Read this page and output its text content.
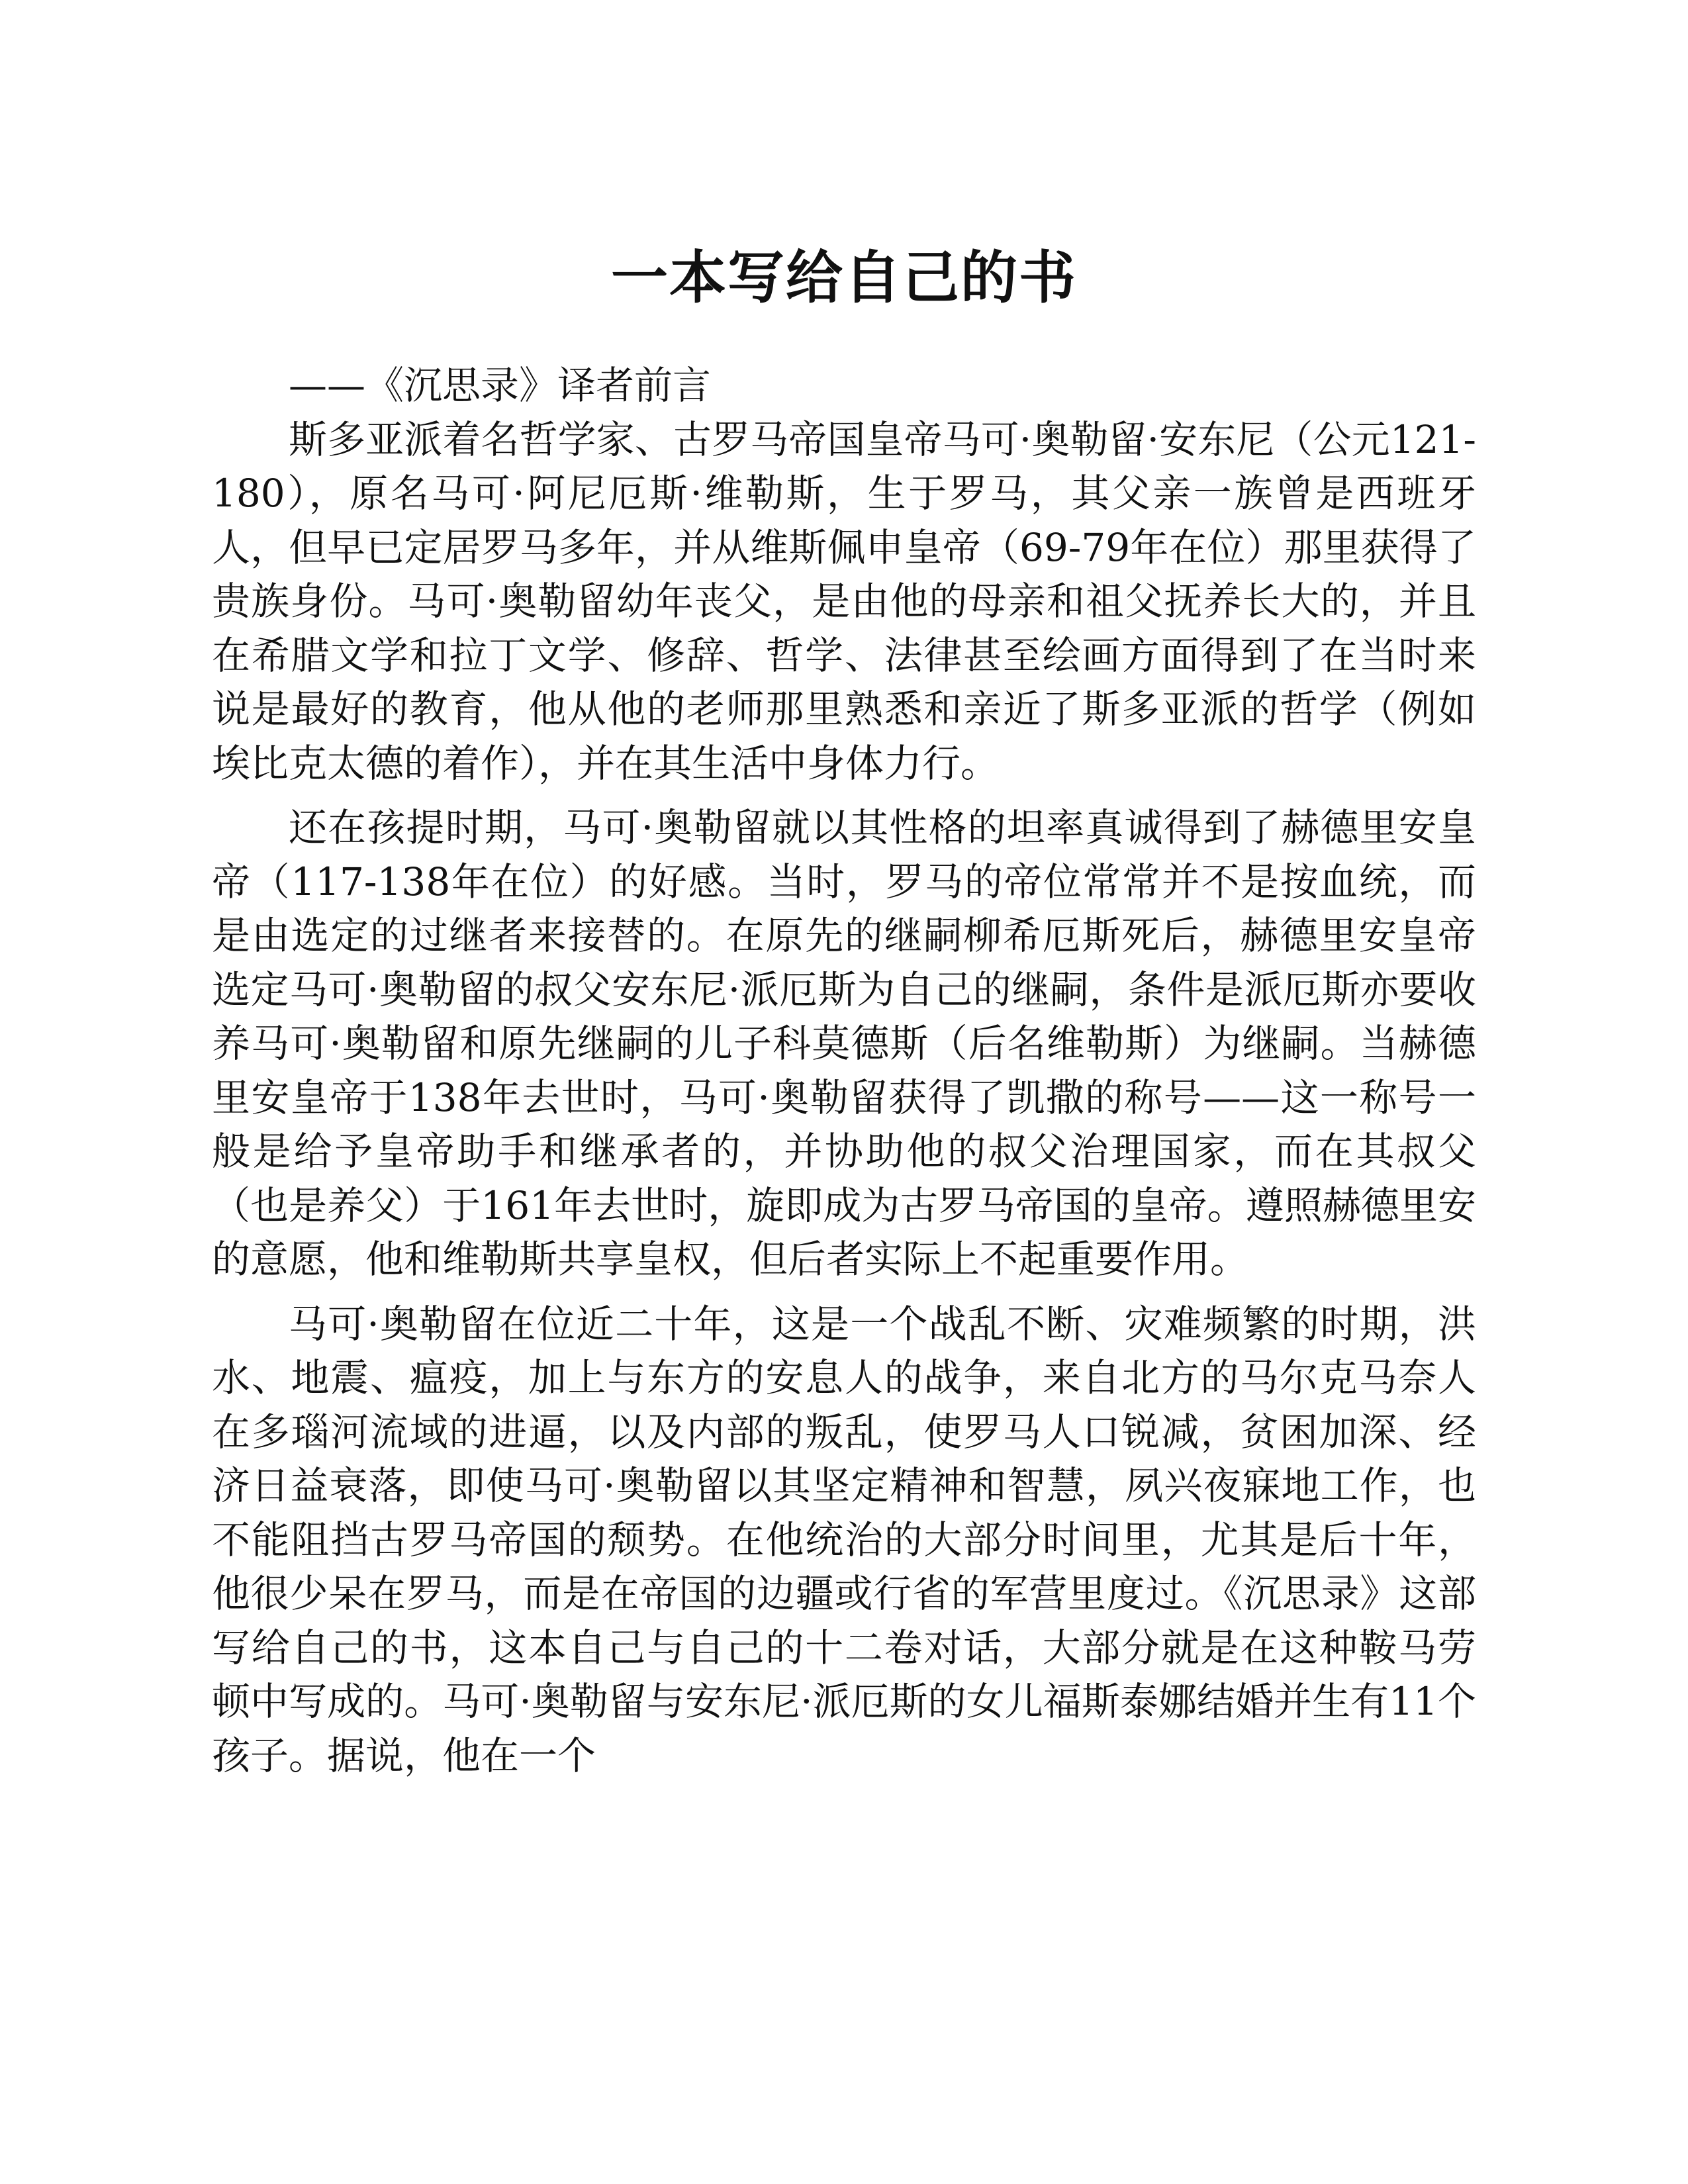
一本写给自己的书

——《沉思录》译者前言

斯多亚派着名哲学家、古罗马帝国皇帝马可·奥勒留·安东尼（公元121-180），原名马可·阿尼厄斯·维勒斯，生于罗马，其父亲一族曾是西班牙人，但早已定居罗马多年，并从维斯佩申皇帝（69-79年在位）那里获得了贵族身份。马可·奥勒留幼年丧父，是由他的母亲和祖父抚养长大的，并且在希腊文学和拉丁文学、修辞、哲学、法律甚至绘画方面得到了在当时来说是最好的教育，他从他的老师那里熟悉和亲近了斯多亚派的哲学（例如埃比克太德的着作），并在其生活中身体力行。

还在孩提时期，马可·奥勒留就以其性格的坦率真诚得到了赫德里安皇帝（117-138年在位）的好感。当时，罗马的帝位常常并不是按血统，而是由选定的过继者来接替的。在原先的继嗣柳希厄斯死后，赫德里安皇帝选定马可·奥勒留的叔父安东尼·派厄斯为自己的继嗣，条件是派厄斯亦要收养马可·奥勒留和原先继嗣的儿子科莫德斯（后名维勒斯）为继嗣。当赫德里安皇帝于138年去世时，马可·奥勒留获得了凯撒的称号——这一称号一般是给予皇帝助手和继承者的，并协助他的叔父治理国家，而在其叔父（也是养父）于161年去世时，旋即成为古罗马帝国的皇帝。遵照赫德里安的意愿，他和维勒斯共享皇权，但后者实际上不起重要作用。

马可·奥勒留在位近二十年，这是一个战乱不断、灾难频繁的时期，洪水、地震、瘟疫，加上与东方的安息人的战争，来自北方的马尔克马奈人在多瑙河流域的进逼，以及内部的叛乱，使罗马人口锐减，贫困加深、经济日益衰落，即使马可·奥勒留以其坚定精神和智慧，夙兴夜寐地工作，也不能阻挡古罗马帝国的颓势。在他统治的大部分时间里，尤其是后十年，他很少呆在罗马，而是在帝国的边疆或行省的军营里度过。《沉思录》这部写给自己的书，这本自己与自己的十二卷对话，大部分就是在这种鞍马劳顿中写成的。马可·奥勒留与安东尼·派厄斯的女儿福斯泰娜结婚并生有11个孩子。据说，他在一个
